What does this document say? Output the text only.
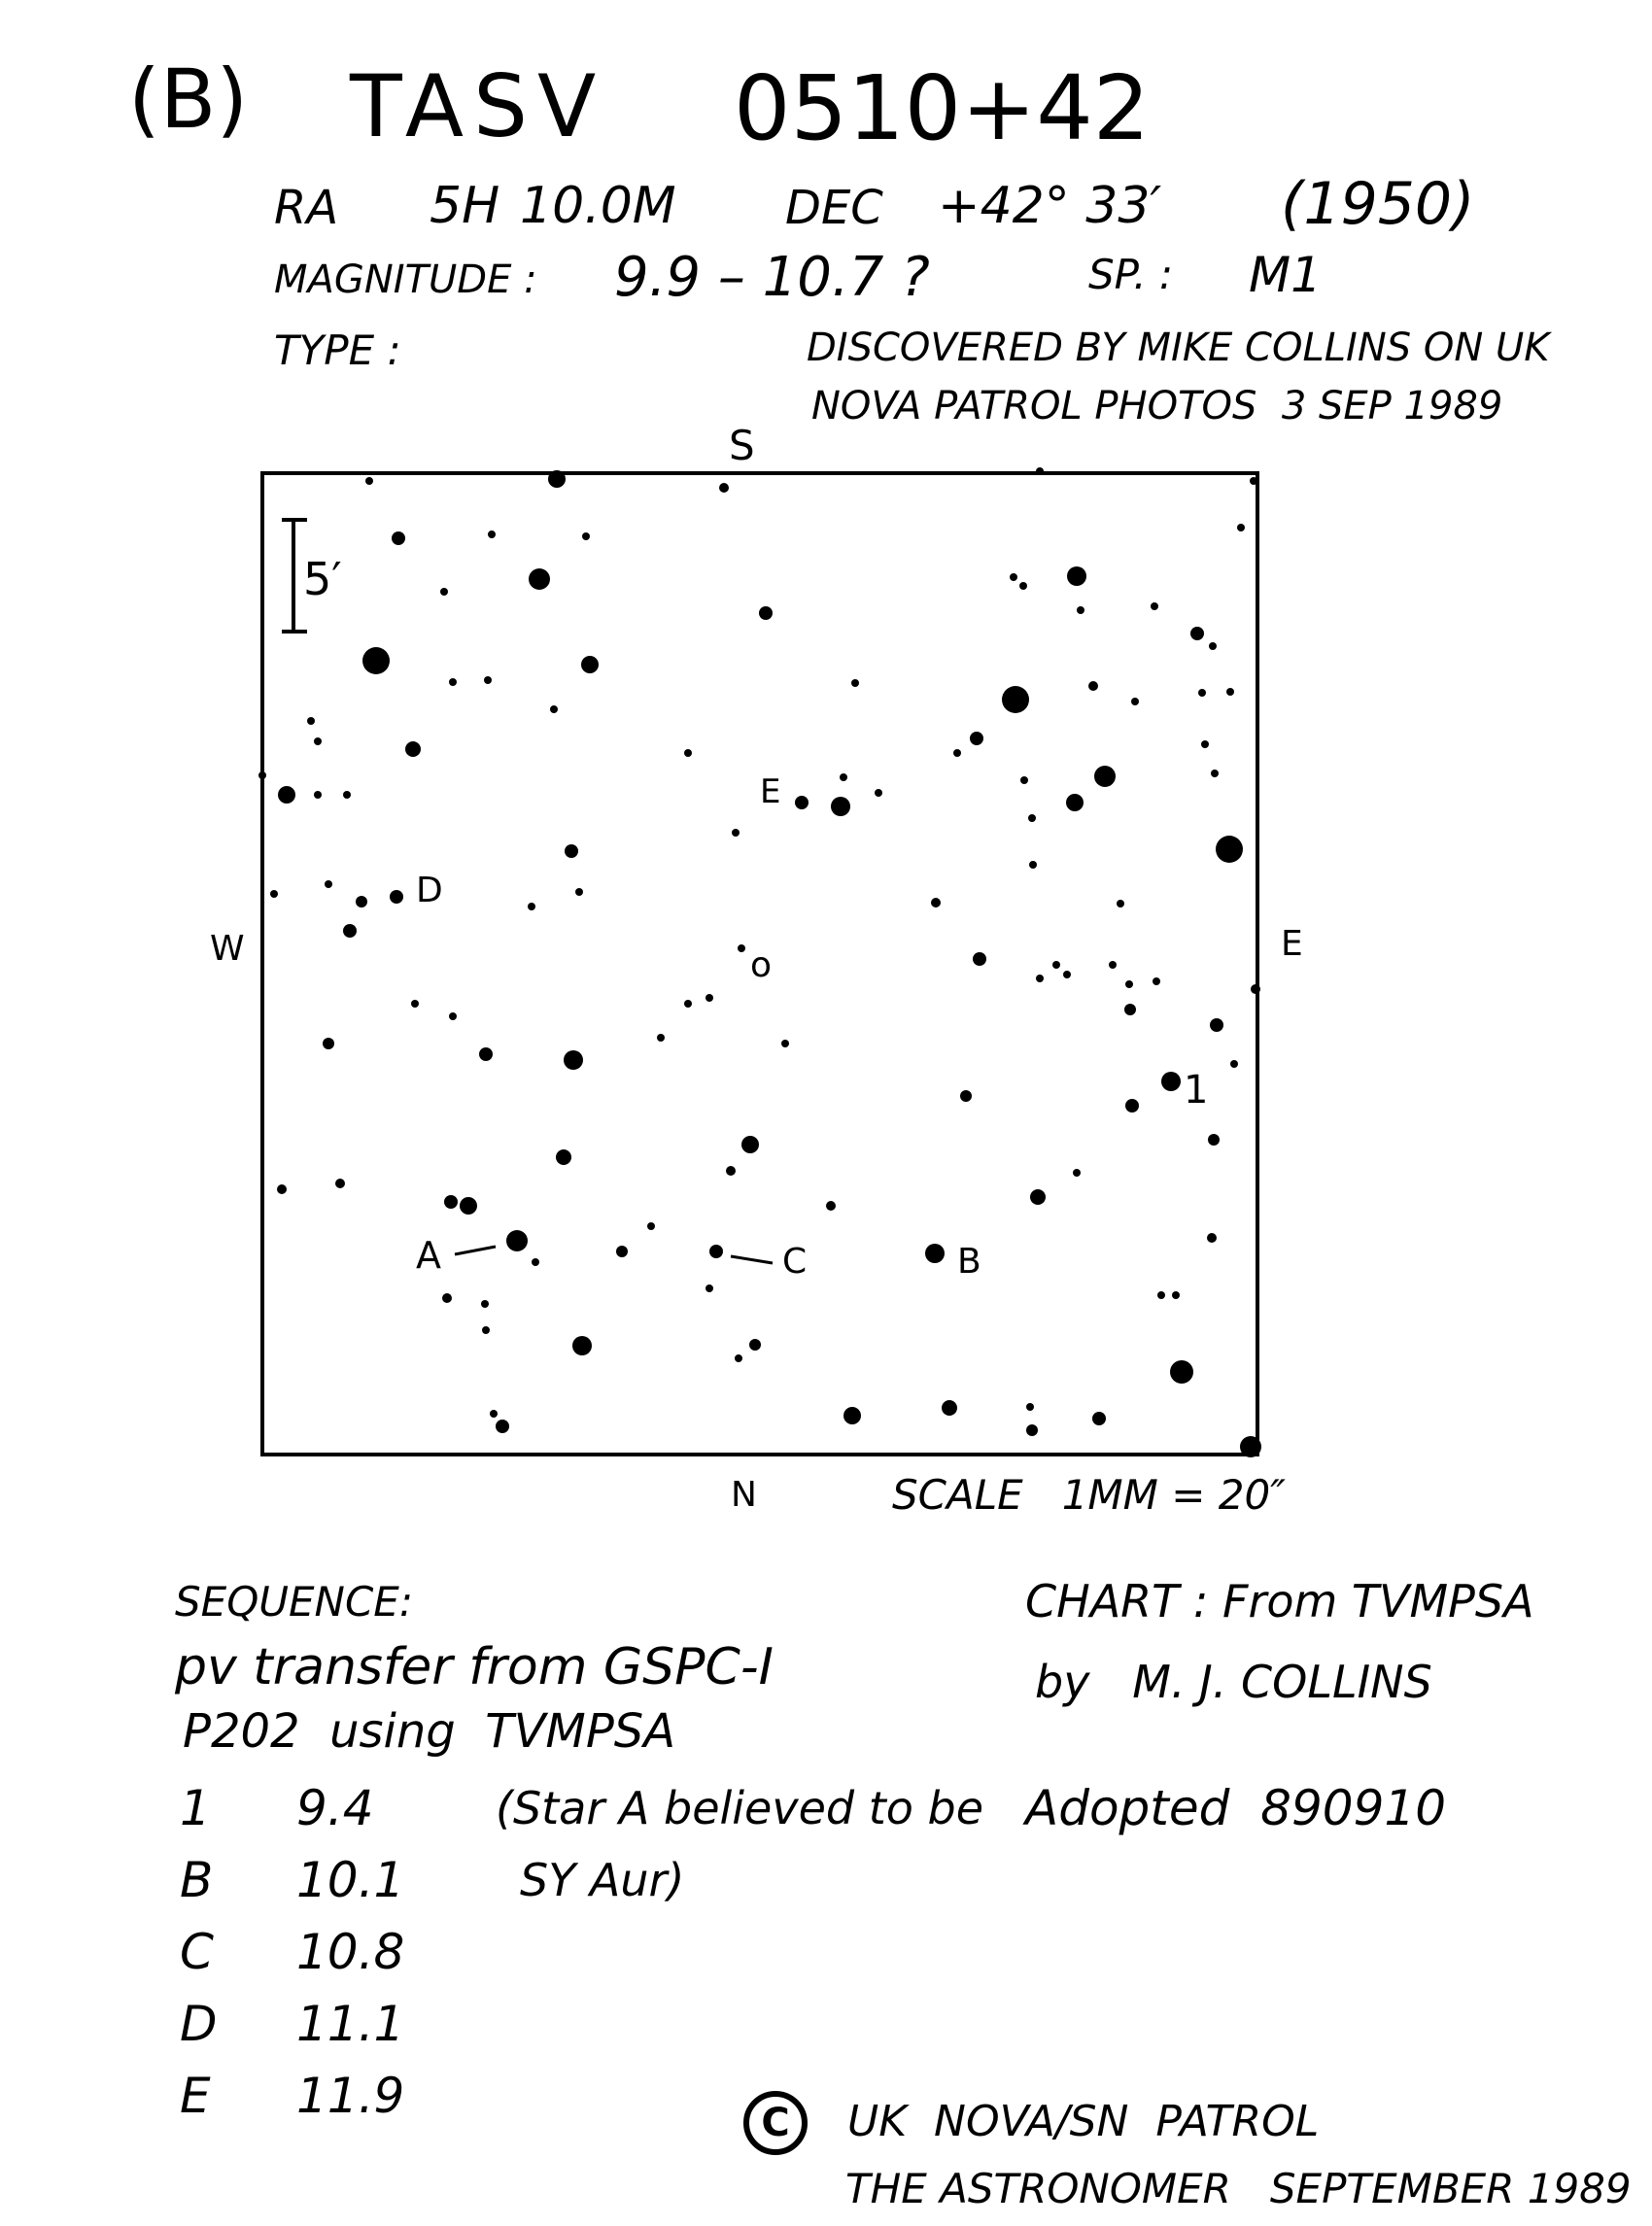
(B) TASV 0510+42
RA 5H 10.0M DEC +42° 33′ (1950)
MAGNITUDE : 9.9 – 10.7 ?	SP. : M1
TYPE :	DISCOVERED BY MIKE COLLINS ON UK
NOVA PATROL PHOTOS  3 SEP 1989
5′
S
N
W	E
o
A	B
C
D
E
1
SCALE   1MM = 20″
SEQUENCE:
pv transfer from GSPC-I
P202  using  TVMPSA
(Star A believed to be
SY Aur)
1 9.4
B 10.1
C 10.8
D 11.1
E 11.9
CHART : From TVMPSA
by   M. J. COLLINS
Adopted  890910
C	UK  NOVA/SN  PATROL
THE ASTRONOMER   SEPTEMBER 1989
